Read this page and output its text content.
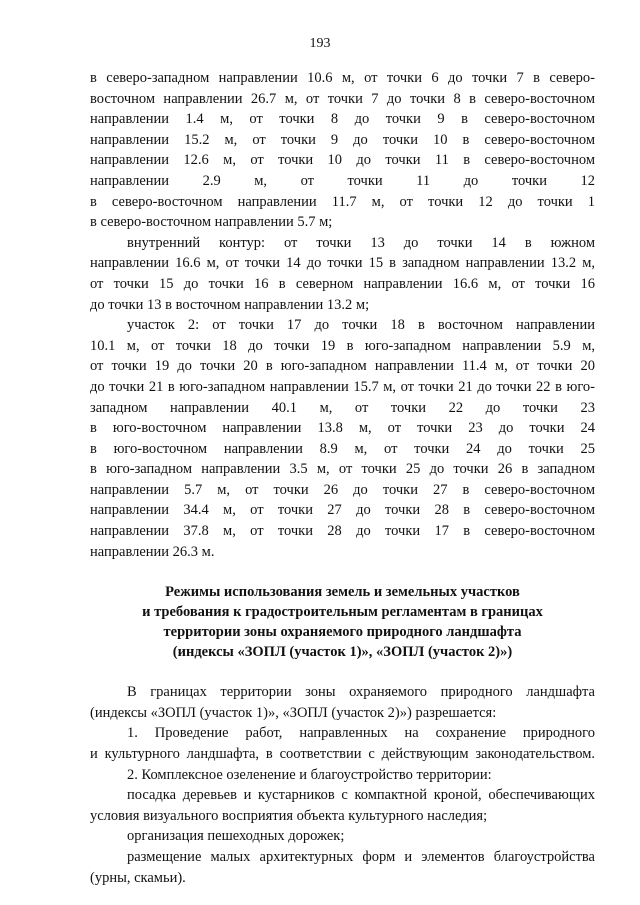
193
в северо-западном направлении 10.6 м, от точки 6 до точки 7 в северо-
восточном направлении 26.7 м, от точки 7 до точки 8 в северо-восточном
направлении 1.4 м, от точки 8 до точки 9 в северо-восточном
направлении 15.2 м, от точки 9 до точки 10 в северо-восточном
направлении 12.6 м, от точки 10 до точки 11 в северо-восточном
направлении 2.9 м, от точки 11 до точки 12
в северо-восточном направлении 11.7 м, от точки 12 до точки 1
в северо-восточном направлении 5.7 м;
внутренний контур: от точки 13 до точки 14 в южном
направлении 16.6 м, от точки 14 до точки 15 в западном направлении 13.2 м,
от точки 15 до точки 16 в северном направлении 16.6 м, от точки 16
до точки 13 в восточном направлении 13.2 м;
участок 2: от точки 17 до точки 18 в восточном направлении
10.1 м, от точки 18 до точки 19 в юго-западном направлении 5.9 м,
от точки 19 до точки 20 в юго-западном направлении 11.4 м, от точки 20
до точки 21 в юго-западном направлении 15.7 м, от точки 21 до точки 22 в юго-
западном направлении 40.1 м, от точки 22 до точки 23
в юго-восточном направлении 13.8 м, от точки 23 до точки 24
в юго-восточном направлении 8.9 м, от точки 24 до точки 25
в юго-западном направлении 3.5 м, от точки 25 до точки 26 в западном
направлении 5.7 м, от точки 26 до точки 27 в северо-восточном
направлении 34.4 м, от точки 27 до точки 28 в северо-восточном
направлении 37.8 м, от точки 28 до точки 17 в северо-восточном
направлении 26.3 м.
Режимы использования земель и земельных участков
и требования к градостроительным регламентам в границах
территории зоны охраняемого природного ландшафта
(индексы «ЗОПЛ (участок 1)», «ЗОПЛ (участок 2)»)
В границах территории зоны охраняемого природного ландшафта
(индексы «ЗОПЛ (участок 1)», «ЗОПЛ (участок 2)») разрешается:
1. Проведение работ, направленных на сохранение природного
и культурного ландшафта, в соответствии с действующим законодательством.
2. Комплексное озеленение и благоустройство территории:
посадка деревьев и кустарников с компактной кроной, обеспечивающих
условия визуального восприятия объекта культурного наследия;
организация пешеходных дорожек;
размещение малых архитектурных форм и элементов благоустройства
(урны, скамьи).
